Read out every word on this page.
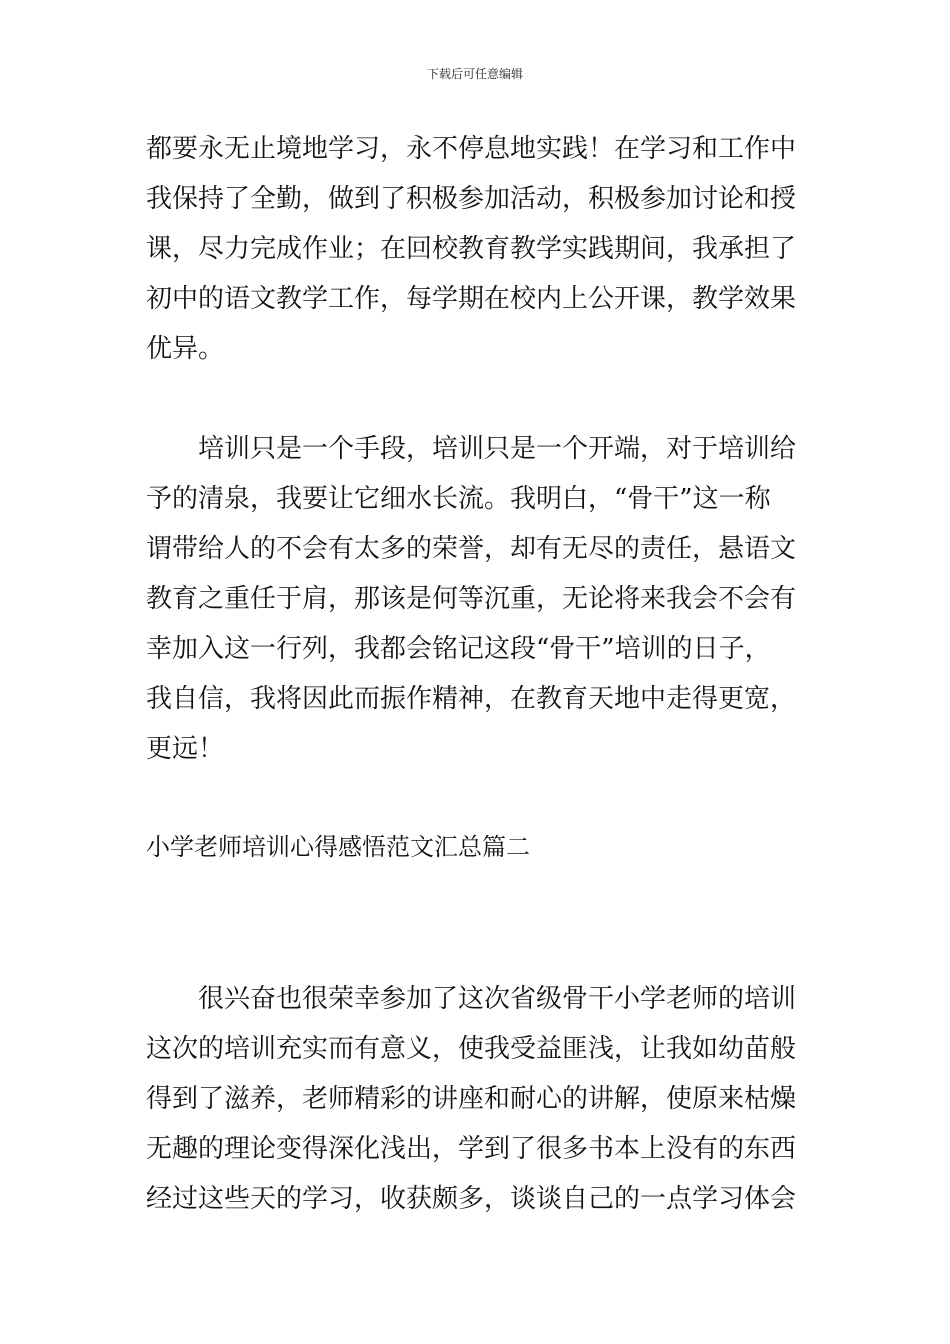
下载后可任意编辑
都要永无止境地学习，永不停息地实践！在学习和工作中
我保持了全勤，做到了积极参加活动，积极参加讨论和授
课，尽力完成作业；在回校教育教学实践期间，我承担了
初中的语文教学工作，每学期在校内上公开课，教学效果
优异。
培训只是一个手段，培训只是一个开端，对于培训给
予的清泉，我要让它细水长流。我明白，“骨干”这一称
谓带给人的不会有太多的荣誉，却有无尽的责任，悬语文
教育之重任于肩，那该是何等沉重，无论将来我会不会有
幸加入这一行列，我都会铭记这段“骨干”培训的日子，
我自信，我将因此而振作精神，在教育天地中走得更宽，
更远！
小学老师培训心得感悟范文汇总篇二
很兴奋也很荣幸参加了这次省级骨干小学老师的培训
这次的培训充实而有意义，使我受益匪浅，让我如幼苗般
得到了滋养，老师精彩的讲座和耐心的讲解，使原来枯燥
无趣的理论变得深化浅出，学到了很多书本上没有的东西
经过这些天的学习，收获颇多，谈谈自己的一点学习体会
